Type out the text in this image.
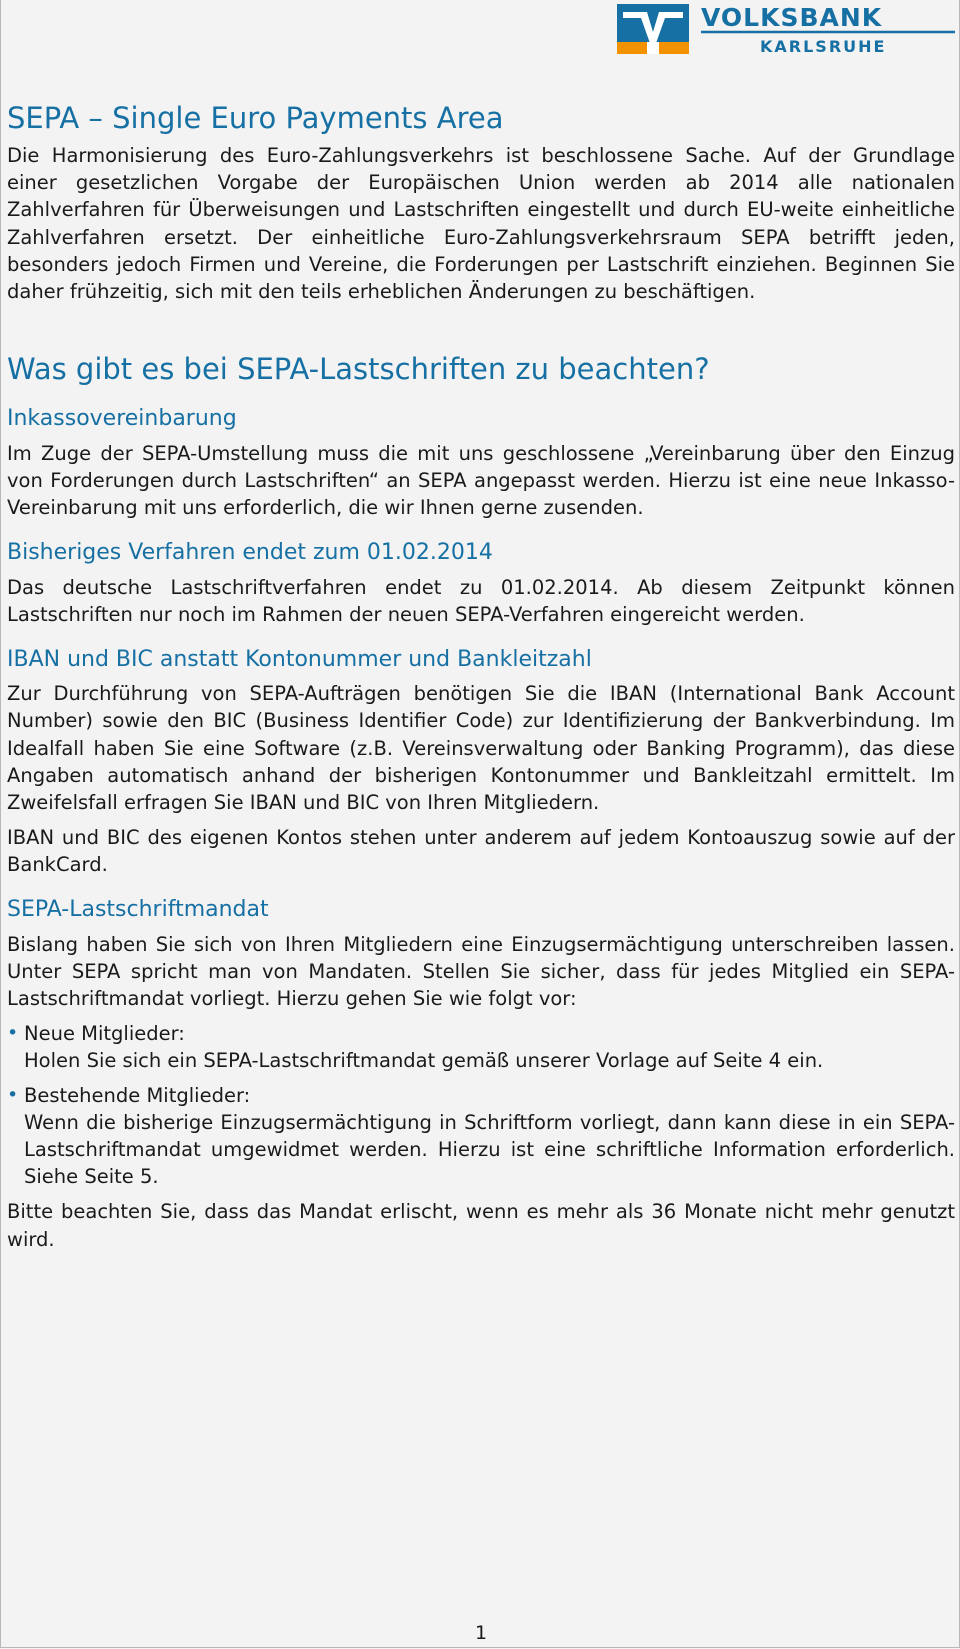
VOLKSBANK
KARLSRUHE
SEPA – Single Euro Payments Area

Die Harmonisierung des Euro-Zahlungsverkehrs ist beschlossene Sache. Auf der Grundlage einer gesetzlichen Vorgabe der Europäischen Union werden ab 2014 alle nationalen Zahlverfahren für Überweisungen und Lastschriften eingestellt und durch EU-weite einheitliche Zahlverfahren ersetzt. Der einheitliche Euro-Zahlungsverkehrsraum SEPA betrifft jeden, besonders jedoch Firmen und Vereine, die Forderungen per Lastschrift einziehen. Beginnen Sie daher frühzeitig, sich mit den teils erheblichen Änderungen zu beschäftigen.

Was gibt es bei SEPA-Lastschriften zu beachten?
Inkassovereinbarung

Im Zuge der SEPA-Umstellung muss die mit uns geschlossene „Vereinbarung über den Einzug von Forderungen durch Lastschriften“ an SEPA angepasst werden. Hierzu ist eine neue Inkasso-Vereinbarung mit uns erforderlich, die wir Ihnen gerne zusenden.

Bisheriges Verfahren endet zum 01.02.2014

Das deutsche Lastschriftverfahren endet zu 01.02.2014. Ab diesem Zeitpunkt können Lastschriften nur noch im Rahmen der neuen SEPA-Verfahren eingereicht werden.

IBAN und BIC anstatt Kontonummer und Bankleitzahl

Zur Durchführung von SEPA-Aufträgen benötigen Sie die IBAN (International Bank Account Number) sowie den BIC (Business Identifier Code) zur Identifizierung der Bankverbindung. Im Idealfall haben Sie eine Software (z.B. Vereinsverwaltung oder Banking Programm), das diese Angaben automatisch anhand der bisherigen Kontonummer und Bankleitzahl ermittelt. Im Zweifelsfall erfragen Sie IBAN und BIC von Ihren Mitgliedern.

IBAN und BIC des eigenen Kontos stehen unter anderem auf jedem Kontoauszug sowie auf der BankCard.

SEPA-Lastschriftmandat

Bislang haben Sie sich von Ihren Mitgliedern eine Einzugsermächtigung unterschreiben lassen. Unter SEPA spricht man von Mandaten. Stellen Sie sicher, dass für jedes Mitglied ein SEPA-Lastschriftmandat vorliegt. Hierzu gehen Sie wie folgt vor:

• Neue Mitglieder:
Holen Sie sich ein SEPA-Lastschriftmandat gemäß unserer Vorlage auf Seite 4 ein.
• Bestehende Mitglieder:
Wenn die bisherige Einzugsermächtigung in Schriftform vorliegt, dann kann diese in ein SEPA-Lastschriftmandat umgewidmet werden. Hierzu ist eine schriftliche Information erforderlich. Siehe Seite 5.

Bitte beachten Sie, dass das Mandat erlischt, wenn es mehr als 36 Monate nicht mehr genutzt wird.

1
